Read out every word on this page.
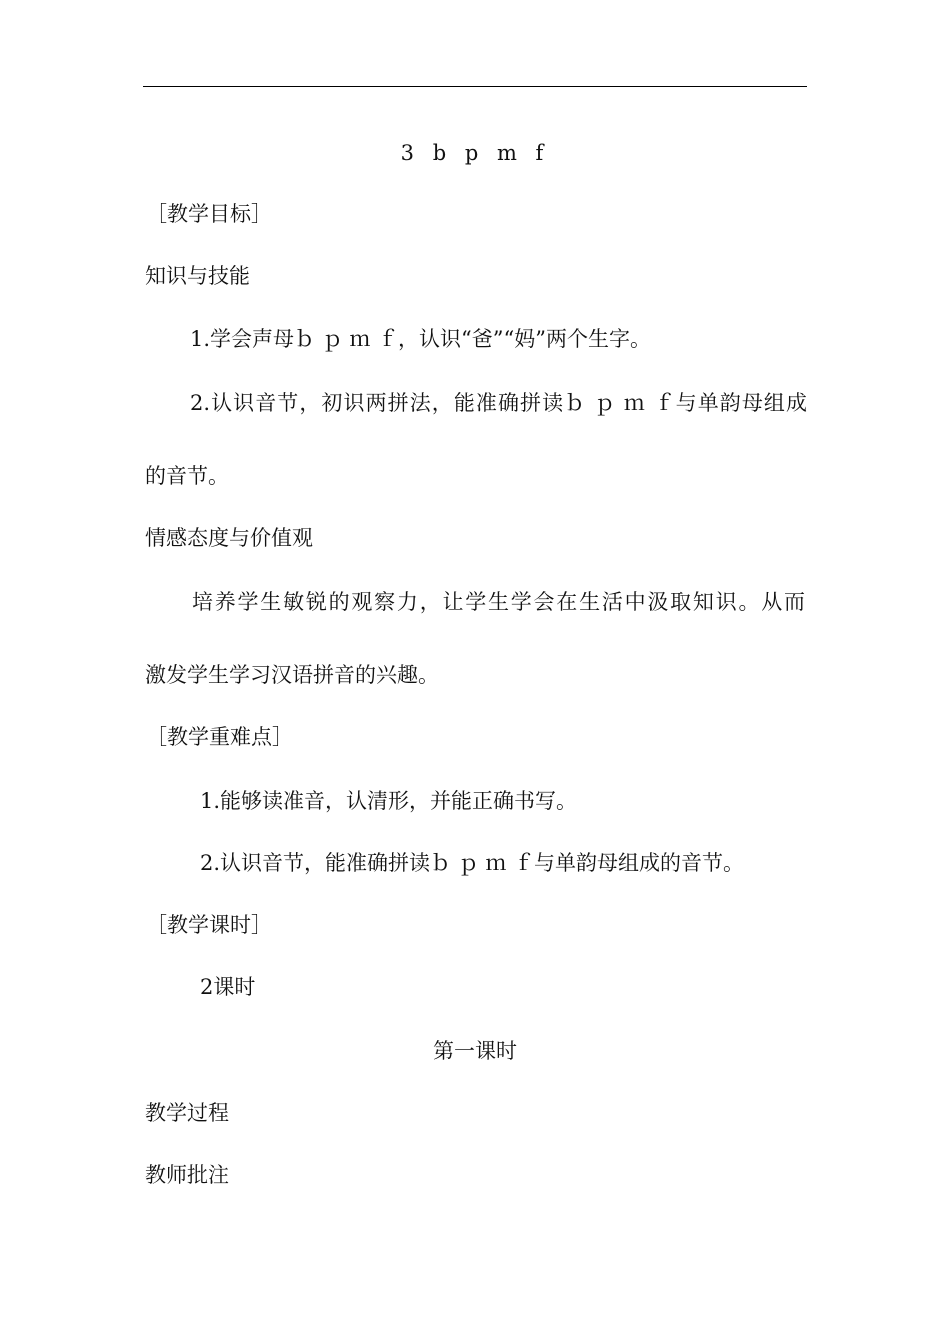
3 b p m f
［教学目标］
知识与技能
1.学会声母ｂ ｐ ｍ ｆ，认识“爸”“妈”两个生字。
2.认识音节，初识两拼法，能准确拼读ｂ ｐ ｍ ｆ与单韵母组成
的音节。
情感态度与价值观
培养学生敏锐的观察力，让学生学会在生活中汲取知识。从而
激发学生学习汉语拼音的兴趣。
［教学重难点］
1.能够读准音，认清形，并能正确书写。
2.认识音节，能准确拼读ｂ ｐ ｍ ｆ与单韵母组成的音节。
［教学课时］
2课时
第一课时
教学过程
教师批注
